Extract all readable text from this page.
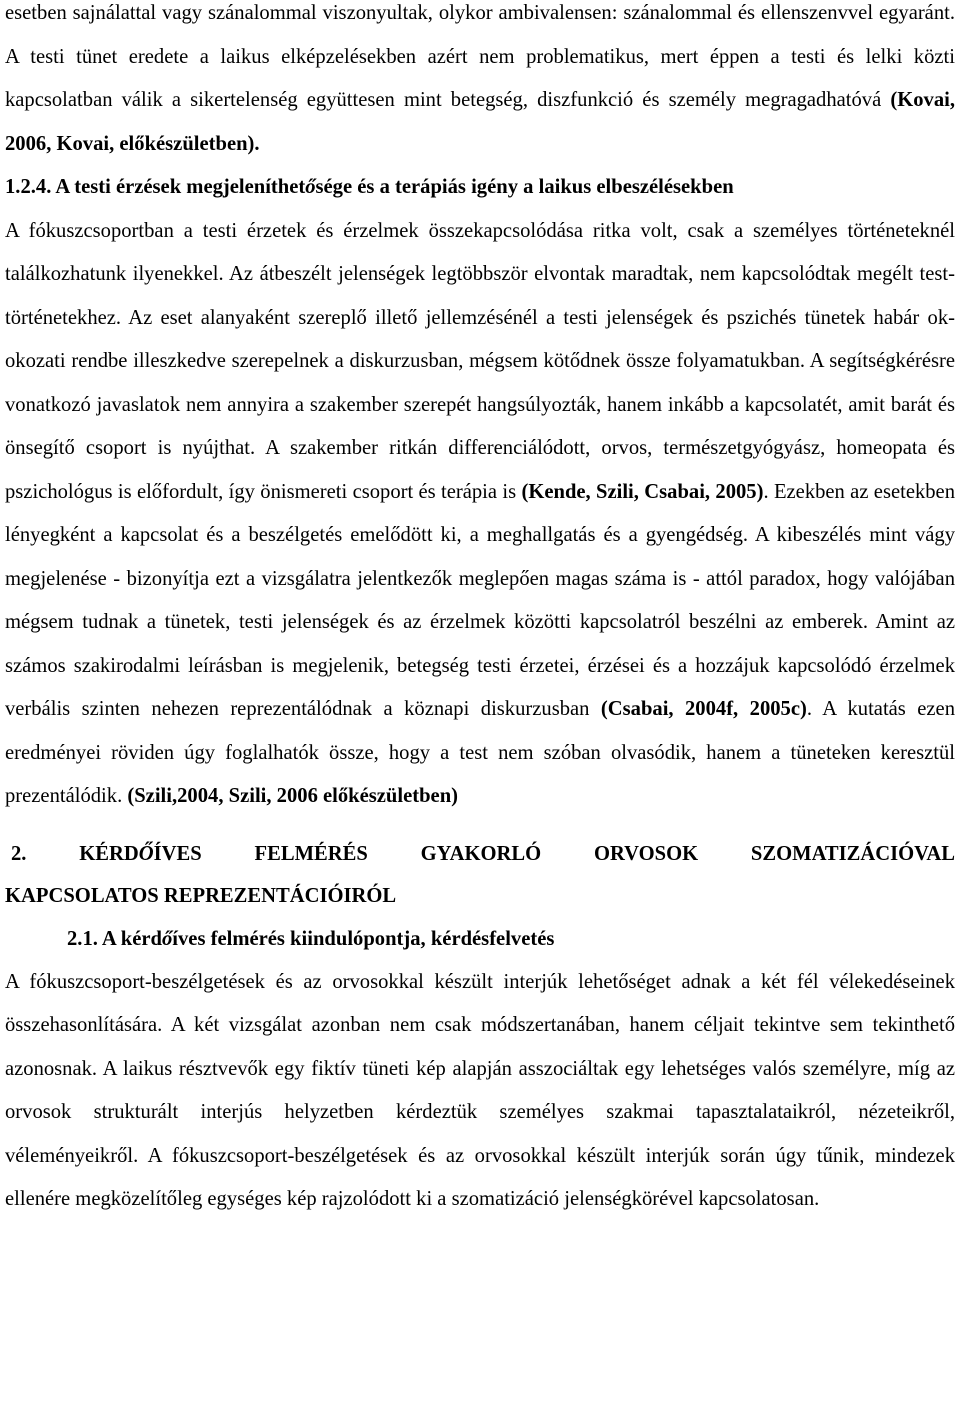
esetben sajnálattal vagy szánalommal viszonyultak, olykor ambivalensen: szánalommal és ellenszenvvel egyaránt. A testi tünet eredete a laikus elképzelésekben azért nem problematikus, mert éppen a testi és lelki közti kapcsolatban válik a sikertelenség együttesen mint betegség, diszfunkció és személy megragadhatóvá (Kovai, 2006, Kovai, előkészületben).

1.2.4. A testi érzések megjeleníthetősége és a terápiás igény a laikus elbeszélésekben

A fókuszcsoportban a testi érzetek és érzelmek összekapcsolódása ritka volt, csak a személyes történeteknél találkozhatunk ilyenekkel. Az átbeszélt jelenségek legtöbbször elvontak maradtak, nem kapcsolódtak megélt test-történetekhez. Az eset alanyaként szereplő illető jellemzésénél a testi jelenségek és pszichés tünetek habár ok-okozati rendbe illeszkedve szerepelnek a diskurzusban, mégsem kötődnek össze folyamatukban. A segítségkérésre vonatkozó javaslatok nem annyira a szakember szerepét hangsúlyozták, hanem inkább a kapcsolatét, amit barát és önsegítő csoport is nyújthat. A szakember ritkán differenciálódott, orvos, természetgyógyász, homeopata és pszichológus is előfordult, így önismereti csoport és terápia is (Kende, Szili, Csabai, 2005). Ezekben az esetekben lényegként a kapcsolat és a beszélgetés emelődött ki, a meghallgatás és a gyengédség. A kibeszélés mint vágy megjelenése - bizonyítja ezt a vizsgálatra jelentkezők meglepően magas száma is - attól paradox, hogy valójában mégsem tudnak a tünetek, testi jelenségek és az érzelmek közötti kapcsolatról beszélni az emberek. Amint az számos szakirodalmi leírásban is megjelenik, betegség testi érzetei, érzései és a hozzájuk kapcsolódó érzelmek verbális szinten nehezen reprezentálódnak a köznapi diskurzusban (Csabai, 2004f, 2005c). A kutatás ezen eredményei röviden úgy foglalhatók össze, hogy a test nem szóban olvasódik, hanem a tüneteken keresztül prezentálódik. (Szili,2004, Szili, 2006 előkészületben)

2. KÉRDŐÍVES FELMÉRÉS GYAKORLÓ ORVOSOK SZOMATIZÁCIÓVAL
KAPCSOLATOS REPREZENTÁCIÓIRÓL
2.1. A kérdőíves felmérés kiindulópontja, kérdésfelvetés

A fókuszcsoport-beszélgetések és az orvosokkal készült interjúk lehetőséget adnak a két fél vélekedéseinek összehasonlítására. A két vizsgálat azonban nem csak módszertanában, hanem céljait tekintve sem tekinthető azonosnak. A laikus résztvevők egy fiktív tüneti kép alapján asszociáltak egy lehetséges valós személyre, míg az orvosok strukturált interjús helyzetben kérdeztük személyes szakmai tapasztalataikról, nézeteikről, véleményeikről. A fókuszcsoport-beszélgetések és az orvosokkal készült interjúk során úgy tűnik, mindezek ellenére megközelítőleg egységes kép rajzolódott ki a szomatizáció jelenségkörével kapcsolatosan.
